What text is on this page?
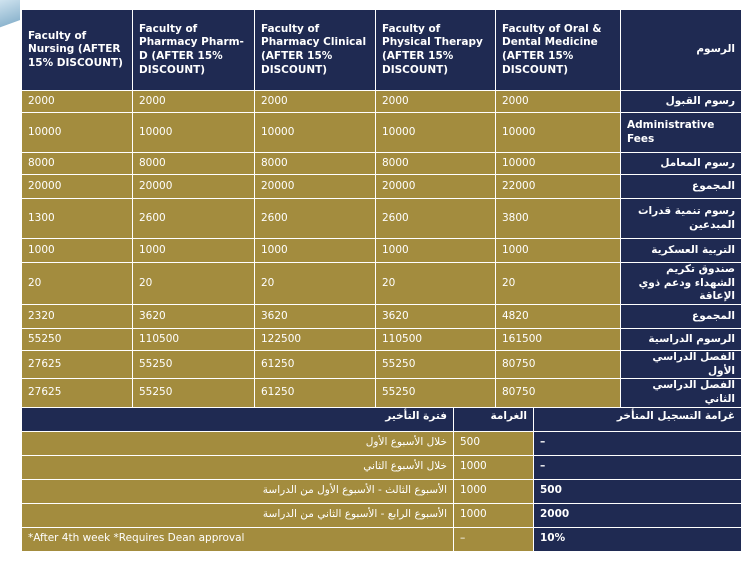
Faculty of Nursing (AFTER 15% DISCOUNT)	Faculty of Pharmacy Pharm-D (AFTER 15% DISCOUNT)	Faculty of Pharmacy Clinical (AFTER 15% DISCOUNT)	Faculty of Physical Therapy (AFTER 15% DISCOUNT)	Faculty of Oral & Dental Medicine (AFTER 15% DISCOUNT)	الرسوم
2000	2000	2000	2000	2000	رسوم القبول
10000	10000	10000	10000	10000	Administrative Fees
8000	8000	8000	8000	10000	رسوم المعامل
20000	20000	20000	20000	22000	المجموع
1300	2600	2600	2600	3800	رسوم تنمية قدرات المبدعين
1000	1000	1000	1000	1000	التربية العسكرية
20	20	20	20	20	صندوق تكريم الشهداء ودعم ذوي الإعاقة
2320	3620	3620	3620	4820	المجموع
55250	110500	122500	110500	161500	الرسوم الدراسية
27625	55250	61250	55250	80750	الفصل الدراسي الأول
27625	55250	61250	55250	80750	الفصل الدراسي الثاني
فترة التأخير	الغرامة	غرامة التسجيل المتأخر
خلال الأسبوع الأول	500	–
خلال الأسبوع الثاني	1000	–
الأسبوع الثالث - الأسبوع الأول من الدراسة	1000	500
الأسبوع الرابع - الأسبوع الثاني من الدراسة	1000	2000
*After 4th week *Requires Dean approval	–	10%
